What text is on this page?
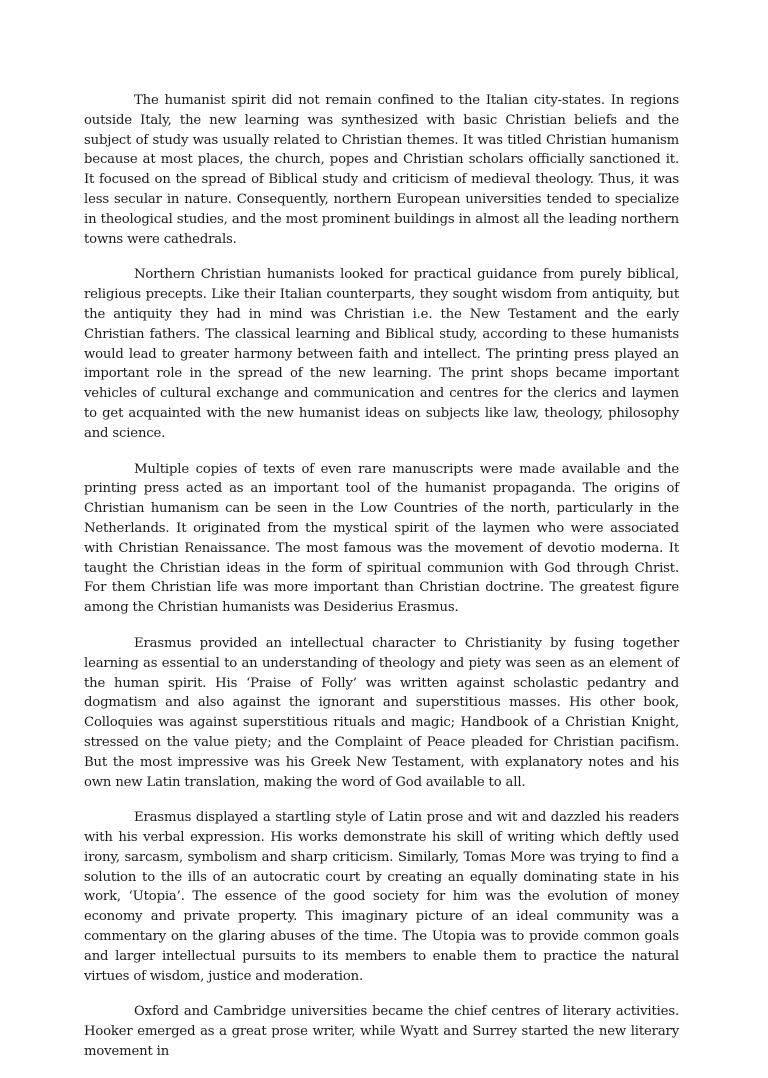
The humanist spirit did not remain confined to the Italian city-states. In regions outside Italy, the new learning was synthesized with basic Christian beliefs and the subject of study was usually related to Christian themes. It was titled Christian humanism because at most places, the church, popes and Christian scholars officially sanctioned it. It focused on the spread of Biblical study and criticism of medieval theology. Thus, it was less secular in nature. Consequently, northern European universities tended to specialize in theological studies, and the most prominent buildings in almost all the leading northern towns were cathedrals.

Northern Christian humanists looked for practical guidance from purely biblical, religious precepts. Like their Italian counterparts, they sought wisdom from antiquity, but the antiquity they had in mind was Christian i.e. the New Testament and the early Christian fathers. The classical learning and Biblical study, according to these humanists would lead to greater harmony between faith and intellect. The printing press played an important role in the spread of the new learning. The print shops became important vehicles of cultural exchange and communication and centres for the clerics and laymen to get acquainted with the new humanist ideas on subjects like law, theology, philosophy and science.

Multiple copies of texts of even rare manuscripts were made available and the printing press acted as an important tool of the humanist propaganda. The origins of Christian humanism can be seen in the Low Countries of the north, particularly in the Netherlands. It originated from the mystical spirit of the laymen who were associated with Christian Renaissance. The most famous was the movement of devotio moderna. It taught the Christian ideas in the form of spiritual communion with God through Christ. For them Christian life was more important than Christian doctrine. The greatest figure among the Christian humanists was Desiderius Erasmus.

Erasmus provided an intellectual character to Christianity by fusing together learning as essential to an understanding of theology and piety was seen as an element of the human spirit. His ‘Praise of Folly’ was written against scholastic pedantry and dogmatism and also against the ignorant and superstitious masses. His other book, Colloquies was against superstitious rituals and magic; Handbook of a Christian Knight, stressed on the value piety; and the Complaint of Peace pleaded for Christian pacifism. But the most impressive was his Greek New Testament, with explanatory notes and his own new Latin translation, making the word of God available to all.

Erasmus displayed a startling style of Latin prose and wit and dazzled his readers with his verbal expression. His works demonstrate his skill of writing which deftly used irony, sarcasm, symbolism and sharp criticism. Similarly, Tomas More was trying to find a solution to the ills of an autocratic court by creating an equally dominating state in his work, ‘Utopia’. The essence of the good society for him was the evolution of money economy and private property. This imaginary picture of an ideal community was a commentary on the glaring abuses of the time. The Utopia was to provide common goals and larger intellectual pursuits to its members to enable them to practice the natural virtues of wisdom, justice and moderation.

Oxford and Cambridge universities became the chief centres of literary activities. Hooker emerged as a great prose writer, while Wyatt and Surrey started the new literary movement in
